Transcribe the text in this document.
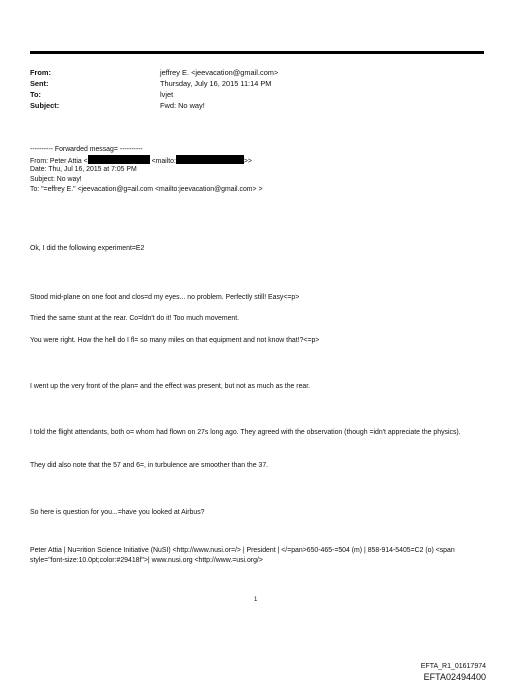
From:	jeffrey E. <jeevacation@gmail.com>
Sent:	Thursday, July 16, 2015 11:14 PM
To:	lvjet
Subject:	Fwd: No way!
---------- Forwarded messag= ----------
From: Peter Attia <	<mailto:	>>
Date: Thu, Jul 16, 2015 at 7:05 PM
Subject: No way!
To: "=effrey E." <jeevacation@g=ail.com <mailto:jeevacation@gmail.com> >
Ok, I did the following experiment=E2
Stood mid-plane on one foot and clos=d my eyes... no problem. Perfectly still! Easy<=p>
Tried the same stunt at the rear. Co=ldn't do it! Too much movement.
You were right. How the hell do I fl= so many miles on that equipment and not know that!?<=p>
I went up the very front of the plan= and the effect was present, but not as much as the rear.
I told the flight attendants, both o= whom had flown on 27s long ago. They agreed with the observation (though =idn't appreciate the physics).
They did also note that the 57 and 6=, in turbulence are smoother than the 37.
So here is question for you...=have you looked at Airbus?
Peter Attia | Nu=rition Science Initiative (NuSI) <http://www.nusi.or=/> | President | </=pan>650-465-=504 (m) | 858-914-5405=C2 (o) <span style="font-size:10.0pt;color:#29418f">| www.nusi.org <http://www.=usi.org/>
1
EFTA_R1_01617974
EFTA02494400
